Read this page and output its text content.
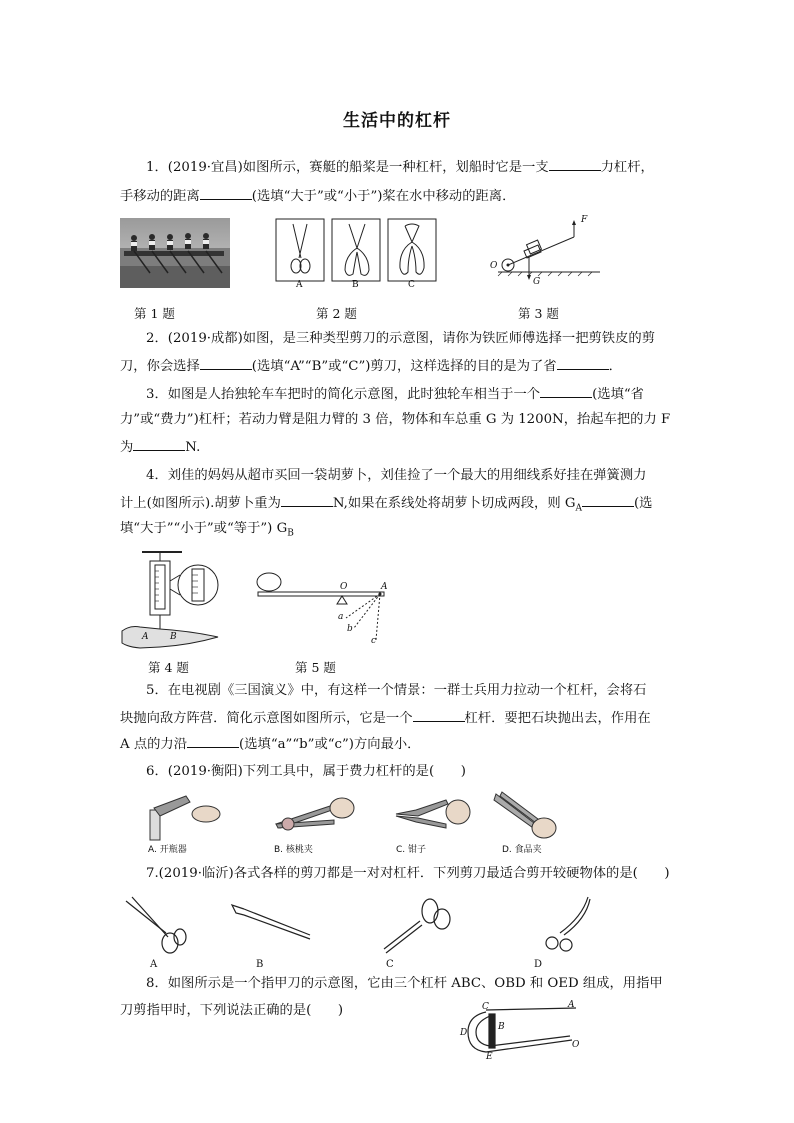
生活中的杠杆
1．(2019·宜昌)如图所示，赛艇的船桨是一种杠杆，划船时它是一支	力杠杆，
手移动的距离	(选填“大于”或“小于”)桨在水中移动的距离．
A	B	C
O
F
G
第 1 题	第 2 题	第 3 题
2．(2019·成都)如图，是三种类型剪刀的示意图，请你为铁匠师傅选择一把剪铁皮的剪
刀，你会选择	(选填“A”“B”或“C”)剪刀，这样选择的目的是为了省	．
3．如图是人抬独轮车车把时的简化示意图，此时独轮车相当于一个	(选填“省
力”或“费力”)杠杆；若动力臂是阻力臂的 3 倍，物体和车总重 G 为 1200N，抬起车把的力 F
为	N.
4．刘佳的妈妈从超市买回一袋胡萝卜，刘佳捡了一个最大的用细线系好挂在弹簧测力
计上(如图所示).胡萝卜重为	N,如果在系线处将胡萝卜切成两段，则 $G_A$	(选
填“大于”“小于”或“等于”) $G_B$
A B
O	A
a
b
c
第 4 题	第 5 题
5．在电视剧《三国演义》中，有这样一个情景：一群士兵用力拉动一个杠杆，会将石
块抛向敌方阵营．简化示意图如图所示，它是一个	杠杆．要把石块抛出去，作用在
A 点的力沿	(选填“a”“b”或“c”)方向最小．
6．(2019·衡阳)下列工具中，属于费力杠杆的是(　　)
A. 开瓶器	B. 核桃夹	C. 钳子	D. 食品夹
7.(2019·临沂)各式各样的剪刀都是一对对杠杆．下列剪刀最适合剪开较硬物体的是(　　)
A	B	C	D
8．如图所示是一个指甲刀的示意图，它由三个杠杆 ABC、OBD 和 OED 组成，用指甲
刀剪指甲时，下列说法正确的是(　　)	C	A
B
D
E
O
